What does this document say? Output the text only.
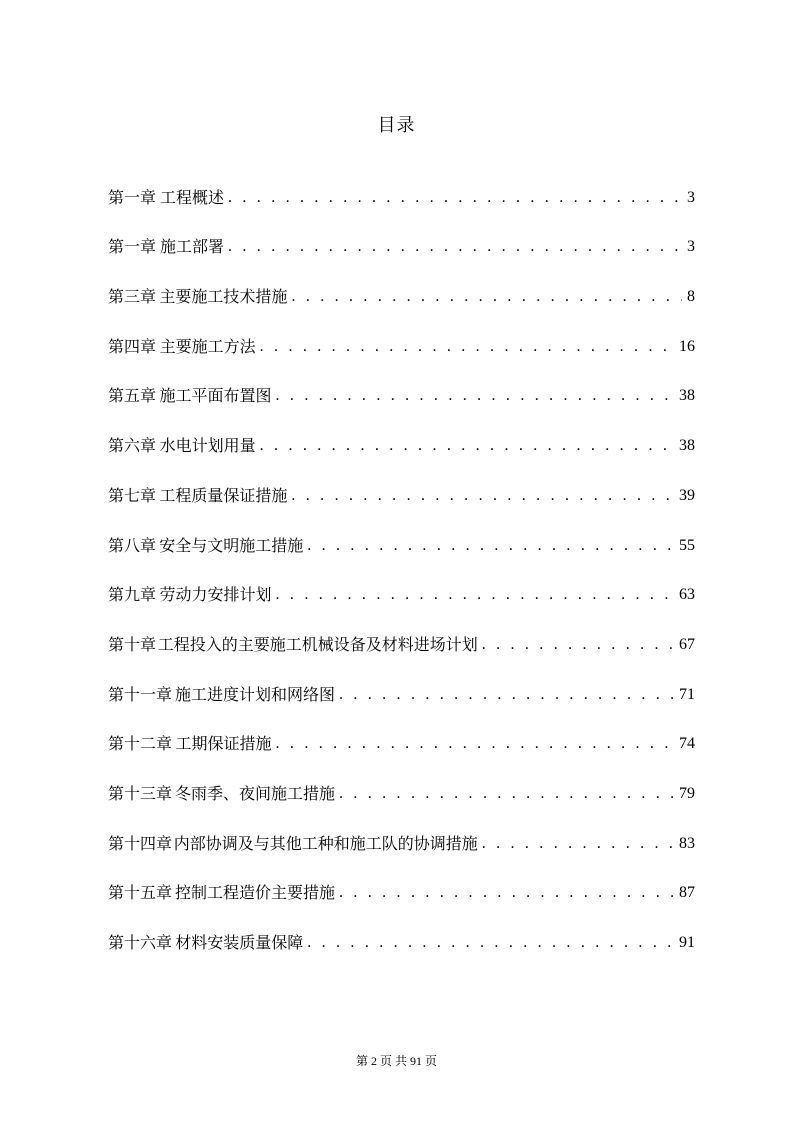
目录
第一章 工程概述 . . .	3
第一章 施工部署 . . .	3
第三章 主要施工技术措施 . . .	8
第四章 主要施工方法 . . .	16
第五章 施工平面布置图 . . .	38
第六章 水电计划用量 . . .	38
第七章 工程质量保证措施 . . .	39
第八章 安全与文明施工措施 . . .	55
第九章 劳动力安排计划 . . .	63
第十章 工程投入的主要施工机械设备及材料进场计划 . . .	67
第十一章 施工进度计划和网络图 . . .	71
第十二章 工期保证措施 . . .	74
第十三章 冬雨季、夜间施工措施 . . .	79
第十四章 内部协调及与其他工种和施工队的协调措施 . . .	83
第十五章 控制工程造价主要措施 . . .	87
第十六章 材料安装质量保障 . . .	91
第 2 页 共 91 页
